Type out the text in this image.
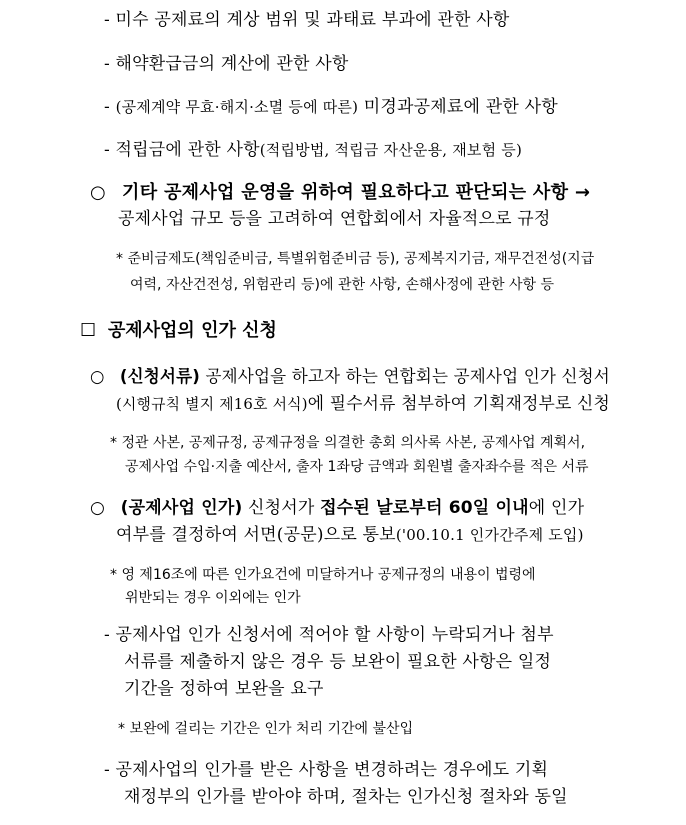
- 미수 공제료의 계상 범위 및 과태료 부과에 관한 사항
- 해약환급금의 계산에 관한 사항
- (공제계약 무효·해지·소멸 등에 따른) 미경과공제료에 관한 사항
- 적립금에 관한 사항(적립방법, 적립금 자산운용, 재보험 등)
○ 기타 공제사업 운영을 위하여 필요하다고 판단되는 사항 →
공제사업 규모 등을 고려하여 연합회에서 자율적으로 규정
* 준비금제도(책임준비금, 특별위험준비금 등), 공제복지기금, 재무건전성(지급
여력, 자산건전성, 위험관리 등)에 관한 사항, 손해사정에 관한 사항 등
☐ 공제사업의 인가 신청
○ (신청서류) 공제사업을 하고자 하는 연합회는 공제사업 인가 신청서
(시행규칙 별지 제16호 서식)에 필수서류 첨부하여 기획재정부로 신청
* 정관 사본, 공제규정, 공제규정을 의결한 총회 의사록 사본, 공제사업 계획서,
공제사업 수입·지출 예산서, 출자 1좌당 금액과 회원별 출자좌수를 적은 서류
○ (공제사업 인가) 신청서가 접수된 날로부터 60일 이내에 인가
여부를 결정하여 서면(공문)으로 통보('00.10.1 인가간주제 도입)
* 영 제16조에 따른 인가요건에 미달하거나 공제규정의 내용이 법령에
위반되는 경우 이외에는 인가
- 공제사업 인가 신청서에 적어야 할 사항이 누락되거나 첨부
서류를 제출하지 않은 경우 등 보완이 필요한 사항은 일정
기간을 정하여 보완을 요구
* 보완에 걸리는 기간은 인가 처리 기간에 불산입
- 공제사업의 인가를 받은 사항을 변경하려는 경우에도 기획
재정부의 인가를 받아야 하며, 절차는 인가신청 절차와 동일
